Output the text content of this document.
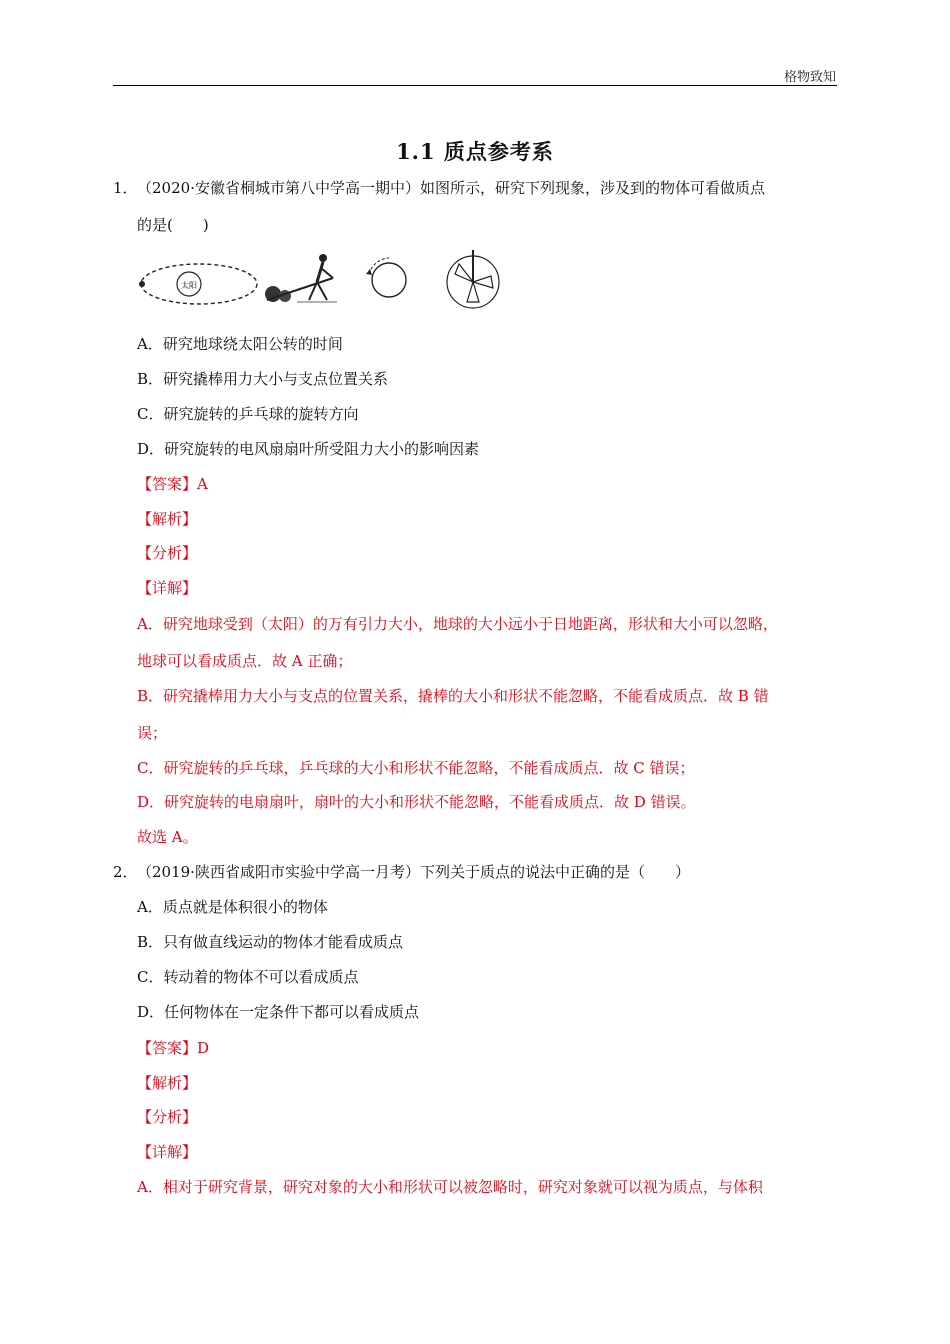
格物致知
1.1 质点参考系
1． （2020·安徽省桐城市第八中学高一期中）如图所示，研究下列现象，涉及到的物体可看做质点
的是(　　)
太阳
A．研究地球绕太阳公转的时间
B．研究撬棒用力大小与支点位置关系
C．研究旋转的乒乓球的旋转方向
D．研究旋转的电风扇扇叶所受阻力大小的影响因素
【答案】A
【解析】
【分析】
【详解】
A．研究地球受到（太阳）的万有引力大小，地球的大小远小于日地距离，形状和大小可以忽略，
地球可以看成质点．故 A 正确；
B．研究撬棒用力大小与支点的位置关系，撬棒的大小和形状不能忽略，不能看成质点．故 B 错
误；
C．研究旋转的乒乓球，乒乓球的大小和形状不能忽略，不能看成质点．故 C 错误；
D．研究旋转的电扇扇叶，扇叶的大小和形状不能忽略，不能看成质点．故 D 错误。
故选 A。
2． （2019·陕西省咸阳市实验中学高一月考）下列关于质点的说法中正确的是（　　）
A．质点就是体积很小的物体
B．只有做直线运动的物体才能看成质点
C．转动着的物体不可以看成质点
D．任何物体在一定条件下都可以看成质点
【答案】D
【解析】
【分析】
【详解】
A．相对于研究背景，研究对象的大小和形状可以被忽略时，研究对象就可以视为质点，与体积
